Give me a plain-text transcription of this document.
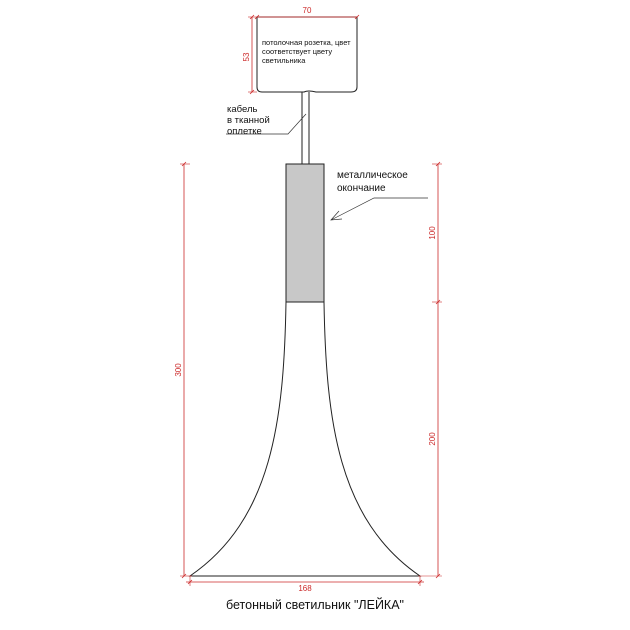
70
53
кабель в тканной оплетке
металлическое окончание
300
100
200
168
потолочная розетка, цвет соответствует цвету светильника
бетонный светильник "ЛЕЙКА"
